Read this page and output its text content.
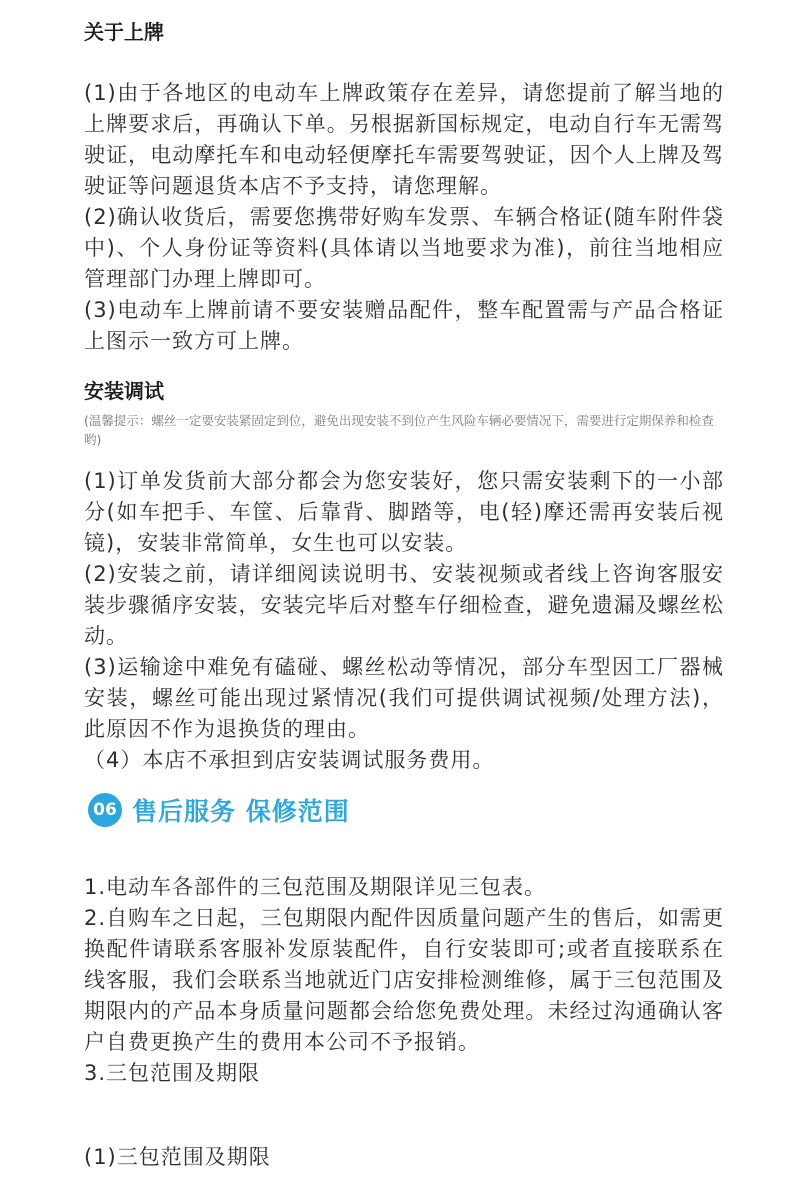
关于上牌

(1)由于各地区的电动车上牌政策存在差异，请您提前了解当地的上牌要求后，再确认下单。另根据新国标规定，电动自行车无需驾驶证，电动摩托车和电动轻便摩托车需要驾驶证，因个人上牌及驾驶证等问题退货本店不予支持，请您理解。

(2)确认收货后，需要您携带好购车发票、车辆合格证(随车附件袋中)、个人身份证等资料(具体请以当地要求为准)，前往当地相应管理部门办理上牌即可。

(3)电动车上牌前请不要安装赠品配件，整车配置需与产品合格证上图示一致方可上牌。

安装调试
(温馨提示：螺丝一定要安装紧固定到位，避免出现安装不到位产生风险车辆必要情况下，需要进行定期保养和检查哟)

(1)订单发货前大部分都会为您安装好，您只需安装剩下的一小部分(如车把手、车筐、后靠背、脚踏等，电(轻)摩还需再安装后视镜)，安装非常简单，女生也可以安装。

(2)安装之前，请详细阅读说明书、安装视频或者线上咨询客服安装步骤循序安装，安装完毕后对整车仔细检查，避免遗漏及螺丝松动。

(3)运输途中难免有磕碰、螺丝松动等情况，部分车型因工厂器械安装，螺丝可能出现过紧情况(我们可提供调试视频/处理方法)，此原因不作为退换货的理由。

（4）本店不承担到店安装调试服务费用。

06 售后服务 保修范围

1.电动车各部件的三包范围及期限详见三包表。

2.自购车之日起，三包期限内配件因质量问题产生的售后，如需更换配件请联系客服补发原装配件，自行安装即可;或者直接联系在线客服，我们会联系当地就近门店安排检测维修，属于三包范围及期限内的产品本身质量问题都会给您免费处理。未经过沟通确认客户自费更换产生的费用本公司不予报销。

3.三包范围及期限

(1)三包范围及期限
